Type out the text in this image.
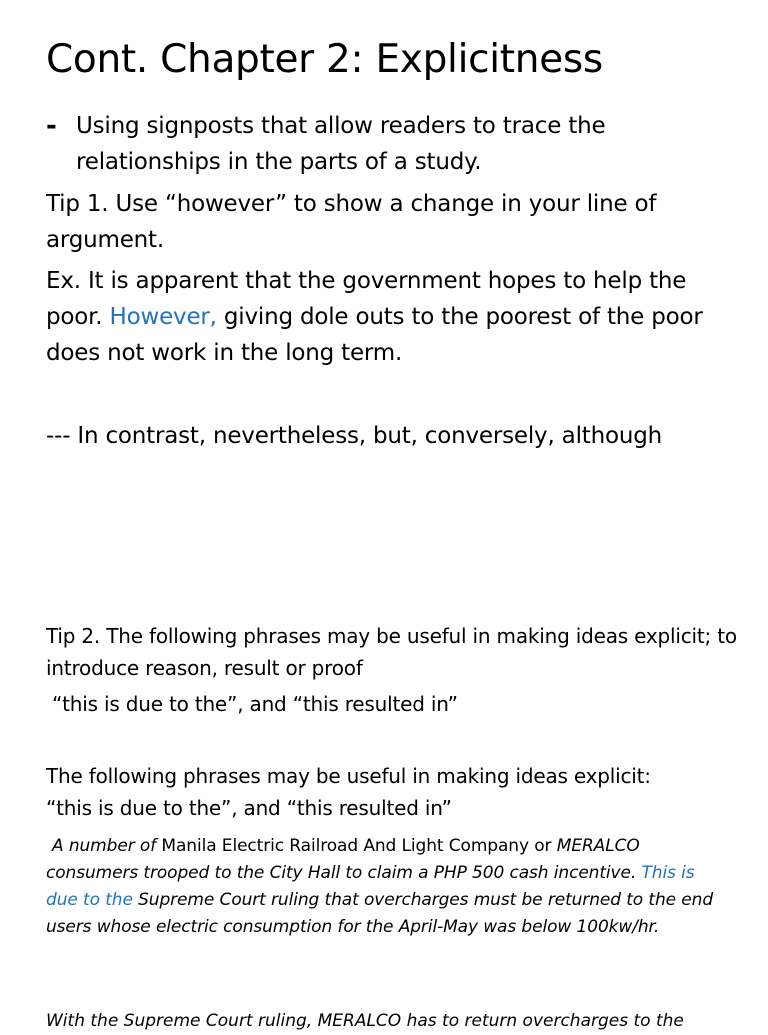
Cont. Chapter 2: Explicitness
- Using signposts that allow readers to trace the relationships in the parts of a study.
Tip 1. Use “however” to show a change in your line of argument.
Ex. It is apparent that the government hopes to help the poor. However, giving dole outs to the poorest of the poor does not work in the long term.
--- In contrast, nevertheless, but, conversely, although
Tip 2. The following phrases may be useful in making ideas explicit; to introduce reason, result or proof
“this is due to the”, and “this resulted in”
The following phrases may be useful in making ideas explicit:
“this is due to the”, and “this resulted in”
A number of Manila Electric Railroad And Light Company or MERALCO consumers trooped to the City Hall to claim a PHP 500 cash incentive. This is due to the Supreme Court ruling that overcharges must be returned to the end users whose electric consumption for the April-May was below 100kw/hr.
With the Supreme Court ruling, MERALCO has to return overcharges to the
